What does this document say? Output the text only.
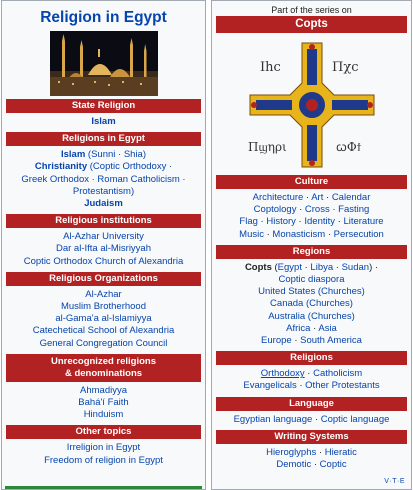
Religion in Egypt
State Religion
Islam
Religions in Egypt
Islam (Sunni · Shia)
Christianity (Coptic Orthodoxy ·
Greek Orthodox · Roman Catholicism ·
Protestantism)
Judaism
Religious institutions
Al-Azhar University
Dar al-Ifta al-Misriyyah
Coptic Orthodox Church of Alexandria
Religious Organizations
Al-Azhar
Muslim Brotherhood
al-Gama'a al-Islamiyya
Catechetical School of Alexandria
General Congregation Council
Unrecognized religions
& denominations
Ahmadiyya
Bahá'í Faith
Hinduism
Other topics
Irreligion in Egypt
Freedom of religion in Egypt
Part of the series on
Copts
Ιhc	Πχc
Πϣηρι	ꞷΦϯ
Culture
Architecture · Art · Calendar
Coptology · Cross · Fasting
Flag · History · Identity · Literature
Music · Monasticism · Persecution
Regions
Copts (Egypt · Libya · Sudan) ·
Coptic diaspora
United States (Churches)
Canada (Churches)
Australia (Churches)
Africa · Asia
Europe · South America
Religions
Orthodoxy · Catholicism
Evangelicals · Other Protestants
Language
Egyptian language · Coptic language
Writing Systems
Hieroglyphs · Hieratic
Demotic · Coptic
V·T·E
